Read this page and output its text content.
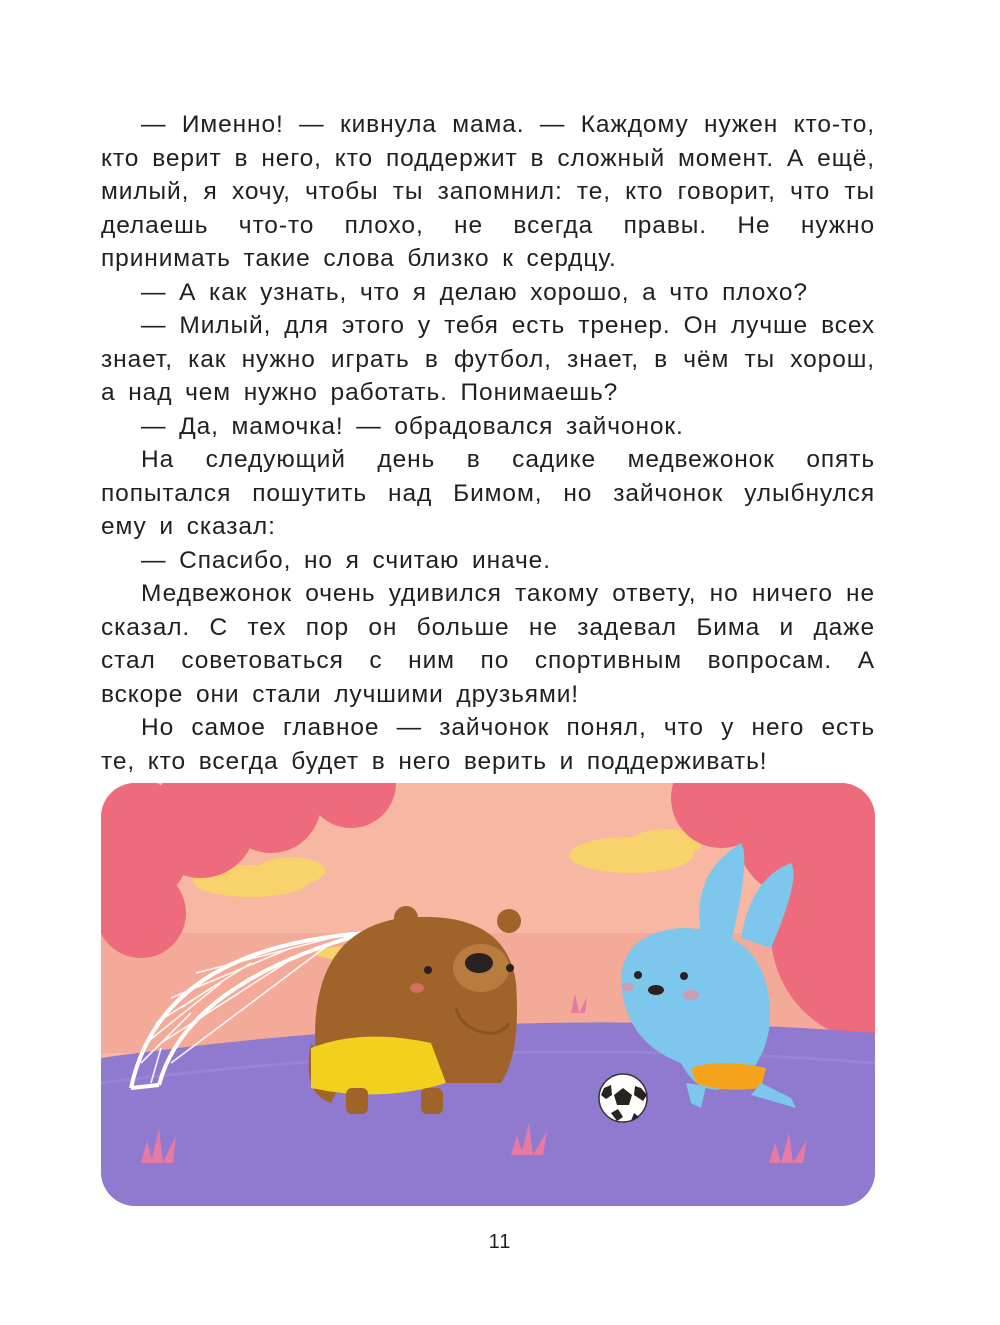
— Именно! — кивнула мама. — Каждому нужен кто-то, кто верит в него, кто поддержит в сложный момент. А ещё, милый, я хочу, чтобы ты запомнил: те, кто говорит, что ты делаешь что-то плохо, не всегда правы. Не нужно принимать такие слова близко к сердцу.

— А как узнать, что я делаю хорошо, а что плохо?

— Милый, для этого у тебя есть тренер. Он лучше всех знает, как нужно играть в футбол, знает, в чём ты хорош, а над чем нужно работать. Понимаешь?

— Да, мамочка! — обрадовался зайчонок.

На следующий день в садике медвежонок опять попытался пошутить над Бимом, но зайчонок улыбнулся ему и сказал:

— Спасибо, но я считаю иначе.

Медвежонок очень удивился такому ответу, но ничего не сказал. С тех пор он больше не задевал Бима и даже стал советоваться с ним по спортивным вопросам. А вскоре они стали лучшими друзьями!

Но самое главное — зайчонок понял, что у него есть те, кто всегда будет в него верить и поддерживать!

11
